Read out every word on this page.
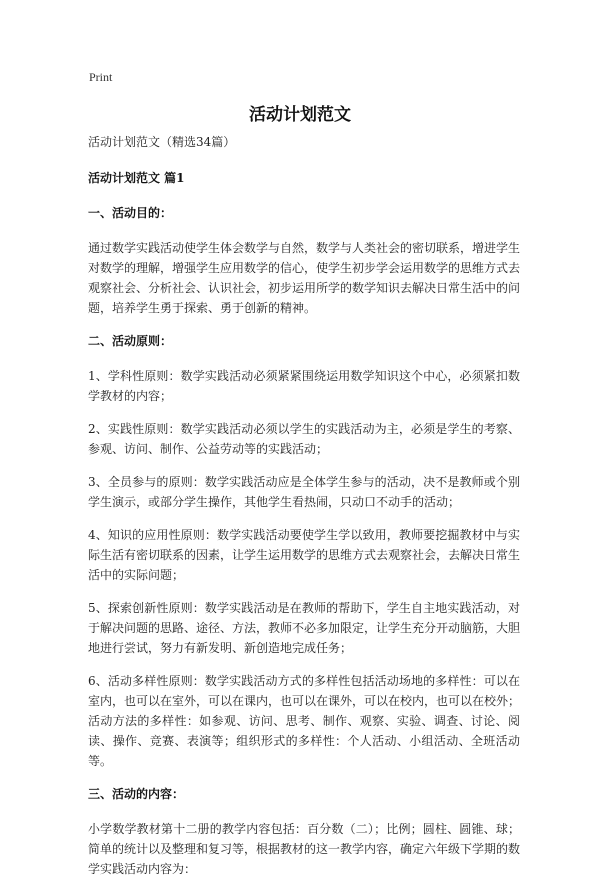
Print
活动计划范文

活动计划范文（精选34篇）

活动计划范文 篇1

一、活动目的：

通过数学实践活动使学生体会数学与自然，数学与人类社会的密切联系，增进学生对数学的理解，增强学生应用数学的信心，使学生初步学会运用数学的思维方式去观察社会、分析社会、认识社会，初步运用所学的数学知识去解决日常生活中的问题，培养学生勇于探索、勇于创新的精神。

二、活动原则：

1、学科性原则：数学实践活动必须紧紧围绕运用数学知识这个中心，必须紧扣数学教材的内容；

2、实践性原则：数学实践活动必须以学生的实践活动为主，必须是学生的考察、参观、访问、制作、公益劳动等的实践活动；

3、全员参与的原则：数学实践活动应是全体学生参与的活动，决不是教师或个别学生演示，或部分学生操作，其他学生看热闹，只动口不动手的活动；

4、知识的应用性原则：数学实践活动要使学生学以致用，教师要挖掘教材中与实际生活有密切联系的因素，让学生运用数学的思维方式去观察社会，去解决日常生活中的实际问题；

5、探索创新性原则：数学实践活动是在教师的帮助下，学生自主地实践活动，对于解决问题的思路、途径、方法，教师不必多加限定，让学生充分开动脑筋，大胆地进行尝试，努力有新发明、新创造地完成任务；

6、活动多样性原则：数学实践活动方式的多样性包括活动场地的多样性：可以在室内，也可以在室外，可以在课内，也可以在课外，可以在校内，也可以在校外；活动方法的多样性：如参观、访问、思考、制作、观察、实验、调查、讨论、阅读、操作、竞赛、表演等；组织形式的多样性：个人活动、小组活动、全班活动等。

三、活动的内容：

小学数学教材第十二册的教学内容包括：百分数（二）；比例；圆柱、圆锥、球；简单的统计以及整理和复习等，根据教材的这一教学内容，确定六年级下学期的数学实践活动内容为：
